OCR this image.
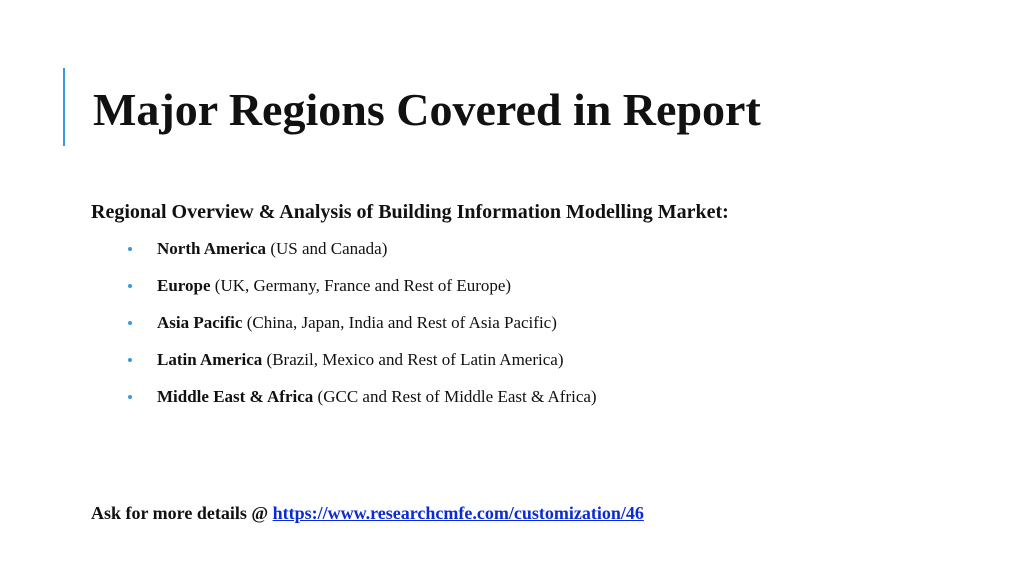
Major Regions Covered in Report

Regional Overview & Analysis of Building Information Modelling Market:

North America (US and Canada)
Europe (UK, Germany, France and Rest of Europe)
Asia Pacific (China, Japan, India and Rest of Asia Pacific)
Latin America (Brazil, Mexico and Rest of Latin America)
Middle East & Africa (GCC and Rest of Middle East & Africa)

Ask for more details @ https://www.researchcmfe.com/customization/46
